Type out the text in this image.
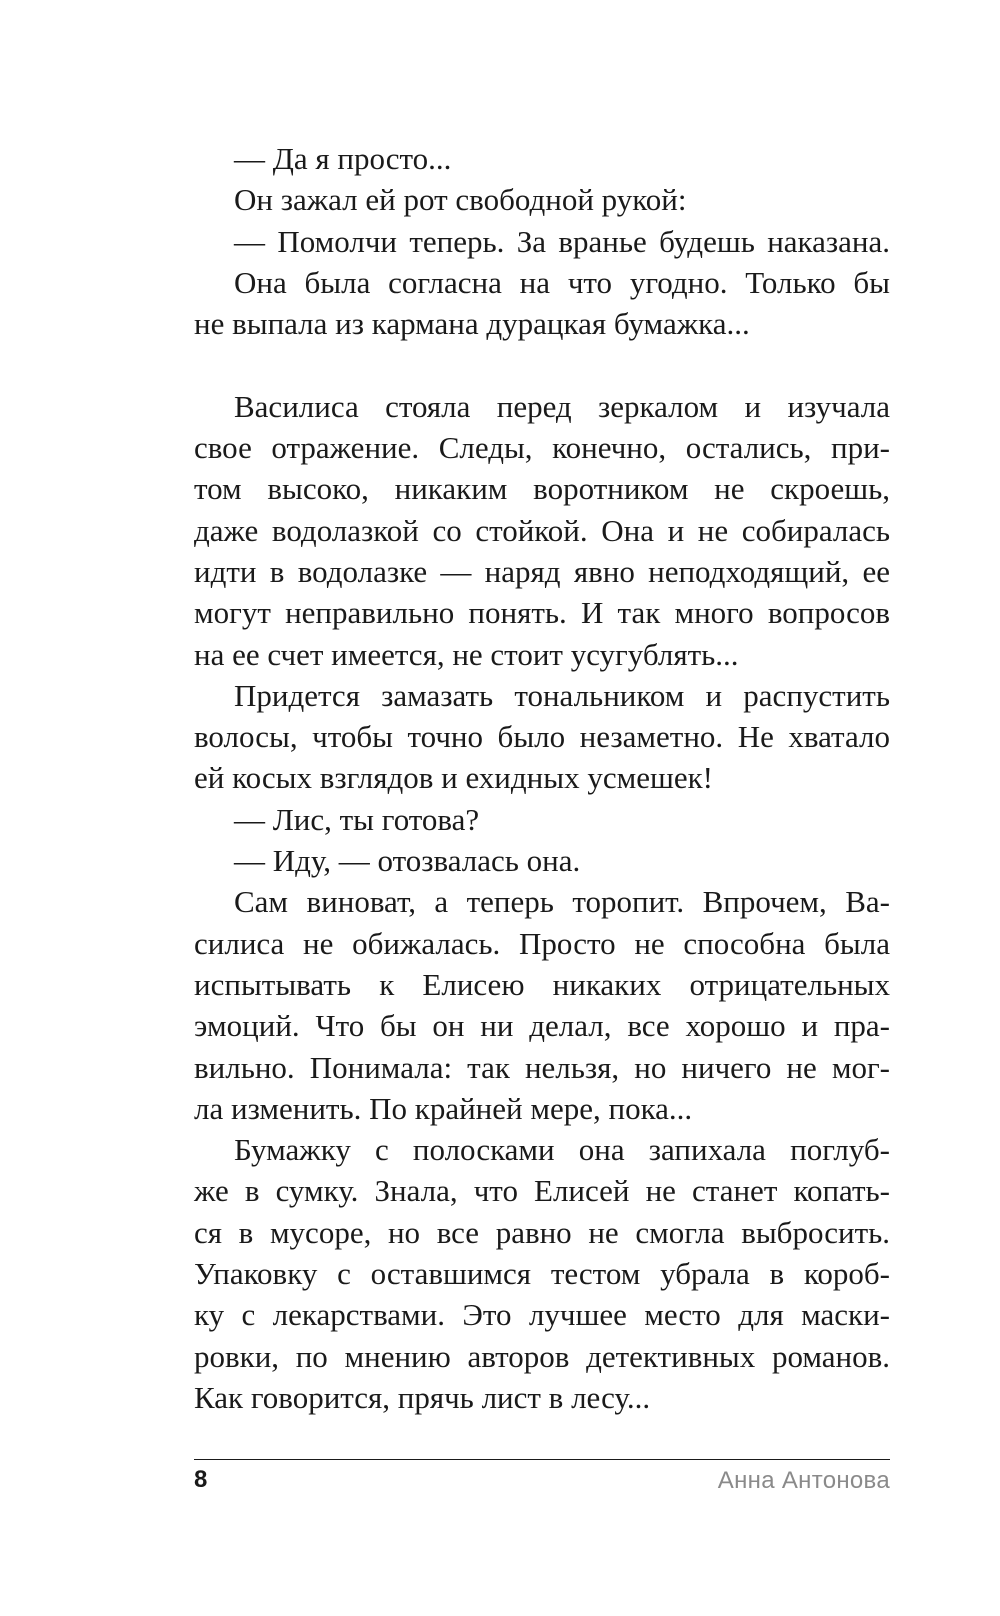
— Да я просто...
Он зажал ей рот свободной рукой:
— Помолчи теперь. За вранье будешь наказана.
Она была согласна на что угодно. Только бы
не выпала из кармана дурацкая бумажка...
Василиса стояла перед зеркалом и изучала
свое отражение. Следы, конечно, остались, при-
том высоко, никаким воротником не скроешь,
даже водолазкой со стойкой. Она и не собиралась
идти в водолазке — наряд явно неподходящий, ее
могут неправильно понять. И так много вопросов
на ее счет имеется, не стоит усугублять...
Придется замазать тональником и распустить
волосы, чтобы точно было незаметно. Не хватало
ей косых взглядов и ехидных усмешек!
— Лис, ты готова?
— Иду, — отозвалась она.
Сам виноват, а теперь торопит. Впрочем, Ва-
силиса не обижалась. Просто не способна была
испытывать к Елисею никаких отрицательных
эмоций. Что бы он ни делал, все хорошо и пра-
вильно. Понимала: так нельзя, но ничего не мог-
ла изменить. По крайней мере, пока...
Бумажку с полосками она запихала поглуб-
же в сумку. Знала, что Елисей не станет копать-
ся в мусоре, но все равно не смогла выбросить.
Упаковку с оставшимся тестом убрала в короб-
ку с лекарствами. Это лучшее место для маски-
ровки, по мнению авторов детективных романов.
Как говорится, прячь лист в лесу...
8	Анна Антонова
